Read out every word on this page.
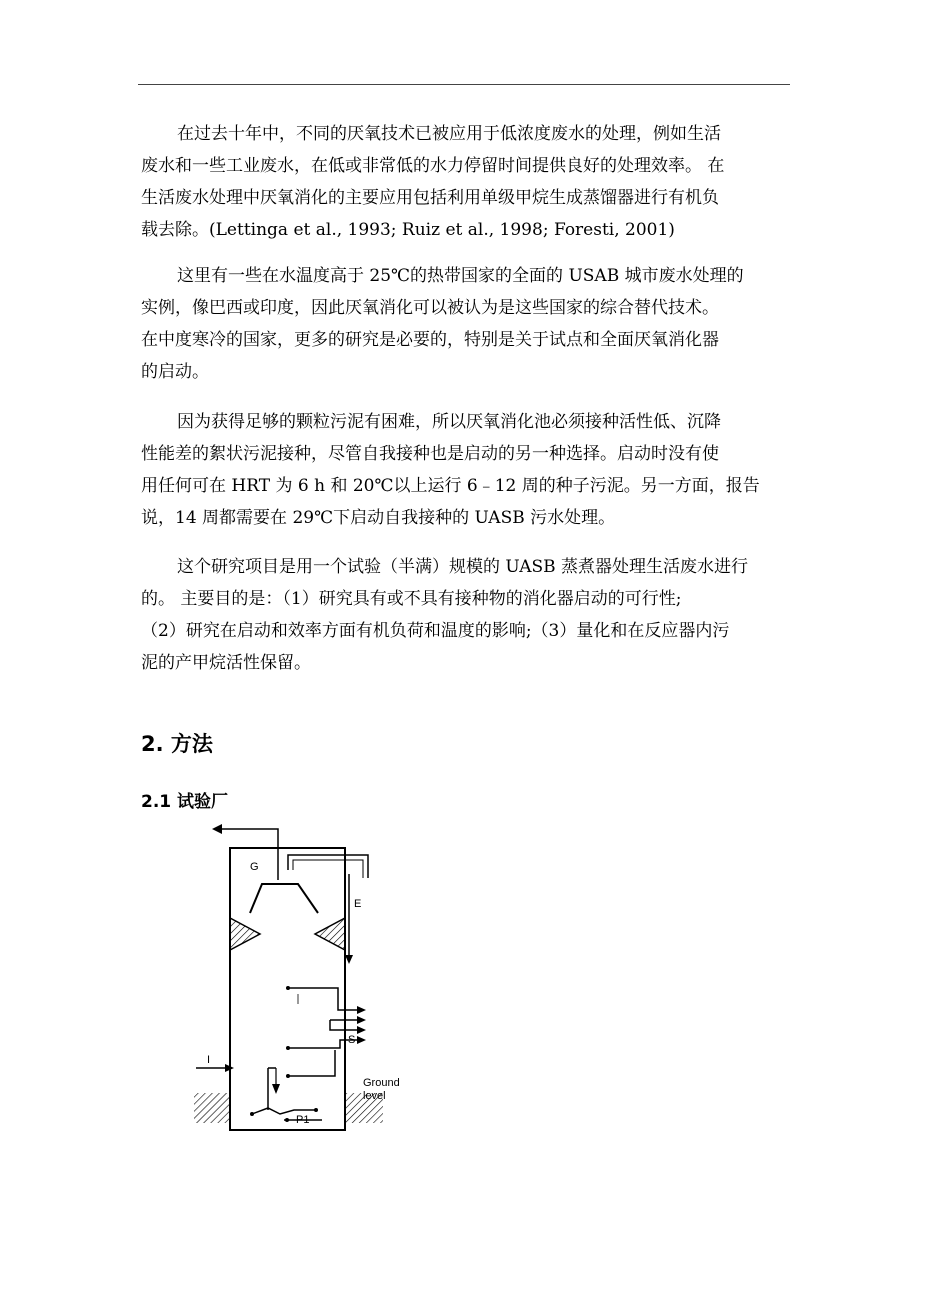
在过去十年中，不同的厌氧技术已被应用于低浓度废水的处理，例如生活
废水和一些工业废水，在低或非常低的水力停留时间提供良好的处理效率。 在
生活废水处理中厌氧消化的主要应用包括利用单级甲烷生成蒸馏器进行有机负
载去除。(Lettinga et al., 1993; Ruiz et al., 1998; Foresti, 2001)

这里有一些在水温度高于 25℃的热带国家的全面的 USAB 城市废水处理的
实例，像巴西或印度，因此厌氧消化可以被认为是这些国家的综合替代技术。
在中度寒冷的国家，更多的研究是必要的，特别是关于试点和全面厌氧消化器
的启动。

因为获得足够的颗粒污泥有困难，所以厌氧消化池必须接种活性低、沉降
性能差的絮状污泥接种，尽管自我接种也是启动的另一种选择。启动时没有使
用任何可在 HRT 为 6 h 和 20℃以上运行 6﹣12 周的种子污泥。另一方面，报告
说，14 周都需要在 29℃下启动自我接种的 UASB 污水处理。

这个研究项目是用一个试验（半满）规模的 UASB 蒸煮器处理生活废水进行
的。 主要目的是：（1）研究具有或不具有接种物的消化器启动的可行性;
（2）研究在启动和效率方面有机负荷和温度的影响;（3）量化和在反应器内污
泥的产甲烷活性保留。

2. 方法
2.1 试验厂
G
E
S
I
Ground
level
P1
